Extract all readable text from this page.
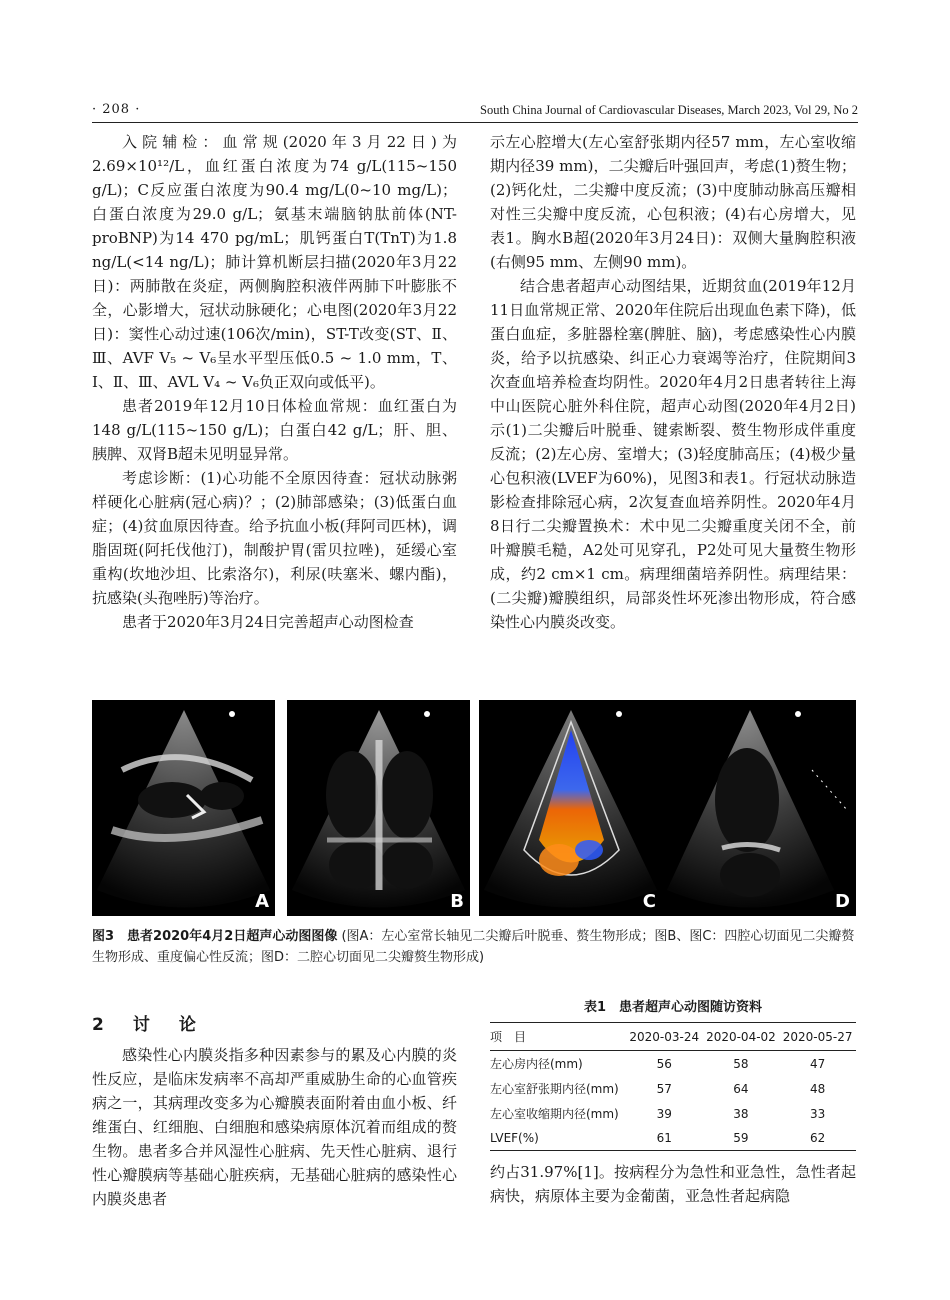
· 208 ·	South China Journal of Cardiovascular Diseases, March 2023, Vol 29, No 2

入院辅检：血常规(2020年3月22日)为2.69×10¹²/L，血红蛋白浓度为74 g/L(115~150 g/L)；C反应蛋白浓度为90.4 mg/L(0~10 mg/L)；白蛋白浓度为29.0 g/L；氨基末端脑钠肽前体(NT-proBNP)为14 470 pg/mL；肌钙蛋白T(TnT)为1.8 ng/L(<14 ng/L)；肺计算机断层扫描(2020年3月22日)：两肺散在炎症，两侧胸腔积液伴两肺下叶膨胀不全，心影增大，冠状动脉硬化；心电图(2020年3月22日)：窦性心动过速(106次/min)，ST-T改变(ST、Ⅱ、Ⅲ、AVF V₅ ~ V₆呈水平型压低0.5 ~ 1.0 mm，T、Ⅰ、Ⅱ、Ⅲ、AVL V₄ ~ V₆负正双向或低平)。

患者2019年12月10日体检血常规：血红蛋白为148 g/L(115~150 g/L)；白蛋白42 g/L；肝、胆、胰脾、双肾B超未见明显异常。

考虑诊断：(1)心功能不全原因待查：冠状动脉粥样硬化心脏病(冠心病)？；(2)肺部感染；(3)低蛋白血症；(4)贫血原因待查。给予抗血小板(拜阿司匹林)，调脂固斑(阿托伐他汀)，制酸护胃(雷贝拉唑)，延缓心室重构(坎地沙坦、比索洛尔)，利尿(呋塞米、螺内酯)，抗感染(头孢唑肟)等治疗。

患者于2020年3月24日完善超声心动图检查

示左心腔增大(左心室舒张期内径57 mm，左心室收缩期内径39 mm)，二尖瓣后叶强回声，考虑(1)赘生物；(2)钙化灶，二尖瓣中度反流；(3)中度肺动脉高压瓣相对性三尖瓣中度反流，心包积液；(4)右心房增大，见表1。胸水B超(2020年3月24日)：双侧大量胸腔积液(右侧95 mm、左侧90 mm)。

结合患者超声心动图结果，近期贫血(2019年12月11日血常规正常、2020年住院后出现血色素下降)，低蛋白血症，多脏器栓塞(脾脏、脑)，考虑感染性心内膜炎，给予以抗感染、纠正心力衰竭等治疗，住院期间3次查血培养检查均阴性。2020年4月2日患者转往上海中山医院心脏外科住院，超声心动图(2020年4月2日)示(1)二尖瓣后叶脱垂、键索断裂、赘生物形成伴重度反流；(2)左心房、室增大；(3)轻度肺高压；(4)极少量心包积液(LVEF为60%)，见图3和表1。行冠状动脉造影检查排除冠心病，2次复查血培养阴性。2020年4月8日行二尖瓣置换术：术中见二尖瓣重度关闭不全，前叶瓣膜毛糙，A2处可见穿孔，P2处可见大量赘生物形成，约2 cm×1 cm。病理细菌培养阴性。病理结果：(二尖瓣)瓣膜组织，局部炎性坏死渗出物形成，符合感染性心内膜炎改变。

A	B	C	D
图3　患者2020年4月2日超声心动图图像 (图A：左心室常长轴见二尖瓣后叶脱垂、赘生物形成；图B、图C：四腔心切面见二尖瓣赘生物形成、重度偏心性反流；图D：二腔心切面见二尖瓣赘生物形成)
2　讨　论

感染性心内膜炎指多种因素参与的累及心内膜的炎性反应，是临床发病率不高却严重威胁生命的心血管疾病之一，其病理改变多为心瓣膜表面附着由血小板、纤维蛋白、红细胞、白细胞和感染病原体沉着而组成的赘生物。患者多合并风湿性心脏病、先天性心脏病、退行性心瓣膜病等基础心脏疾病，无基础心脏病的感染性心内膜炎患者

表1　患者超声心动图随访资料
项　目	2020-03-24	2020-04-02	2020-05-27
左心房内径(mm)	56	58	47
左心室舒张期内径(mm)	57	64	48
左心室收缩期内径(mm)	39	38	33
LVEF(%)	61	59	62

约占31.97%[1]。按病程分为急性和亚急性，急性者起病快，病原体主要为金葡菌，亚急性者起病隐
